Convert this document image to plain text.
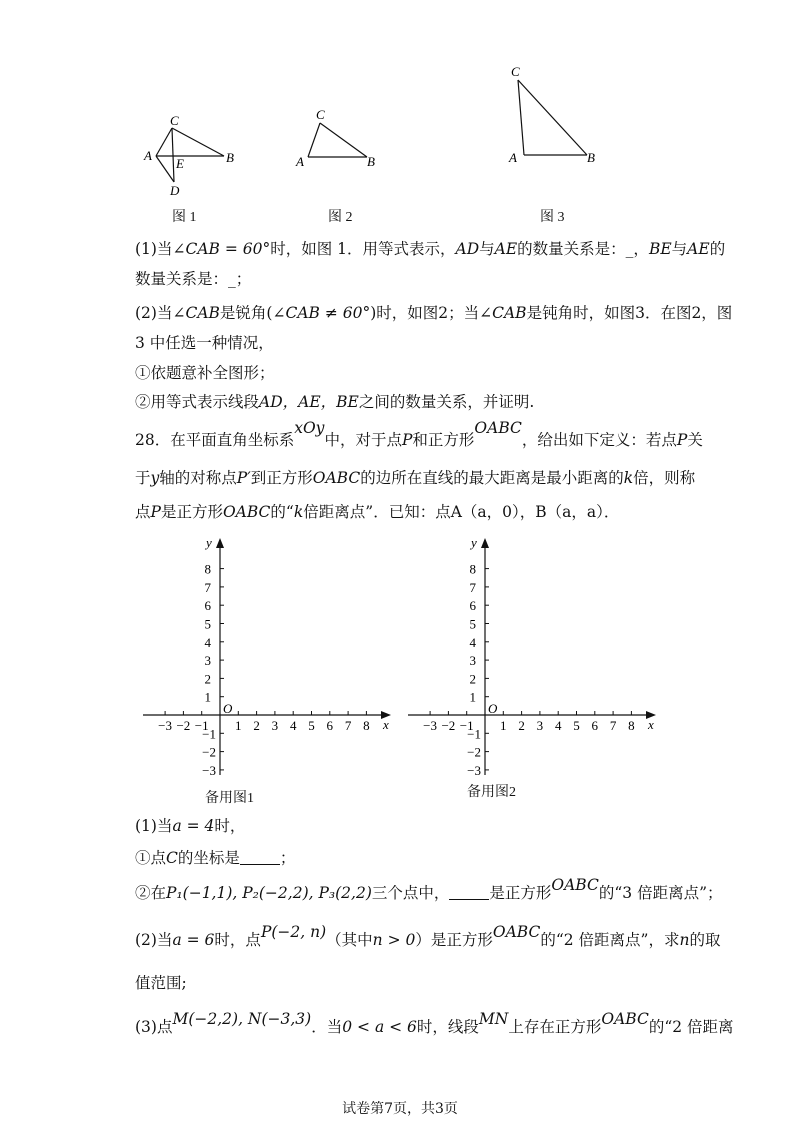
C
A
E	B
D
图 1
C
A	B
图 2
C
A	B
图 3
(1)当∠CAB = 60°时，如图 1．用等式表示，AD与AE的数量关系是：_，BE与AE的
数量关系是：_；
(2)当∠CAB是锐角(∠CAB ≠ 60°)时，如图2；当∠CAB是钝角时，如图3．在图2，图
3 中任选一种情况，
①依题意补全图形；
②用等式表示线段AD，AE，BE之间的数量关系，并证明.
28．在平面直角坐标系xOy中，对于点P和正方形OABC，给出如下定义：若点P关
于y轴的对称点P′到正方形OABC的边所在直线的最大距离是最小距离的k倍，则称
点P是正方形OABC的“k倍距离点”．已知：点A（a，0），B（a，a）．
x
y
O
−3 −2 −1 1 2 3 4 5 6 7 8
1
2
3
4
5
6
7
8
−1
−2
−3
备用图1
x
y
O
−3 −2 −1 1 2 3 4 5 6 7 8
1
2
3
4
5
6
7
8
−1
−2
−3
备用图2
(1)当a = 4时，
①点C的坐标是	；
②在P₁(−1,1), P₂(−2,2), P₃(2,2)三个点中，	是正方形OABC的“3 倍距离点”；
(2)当a = 6时，点P(−2, n)（其中n > 0）是正方形OABC的“2 倍距离点”，求n的取
值范围;
(3)点M(−2,2), N(−3,3)．当0 < a < 6时，线段MN上存在正方形OABC的“2 倍距离
试卷第7页，共3页
